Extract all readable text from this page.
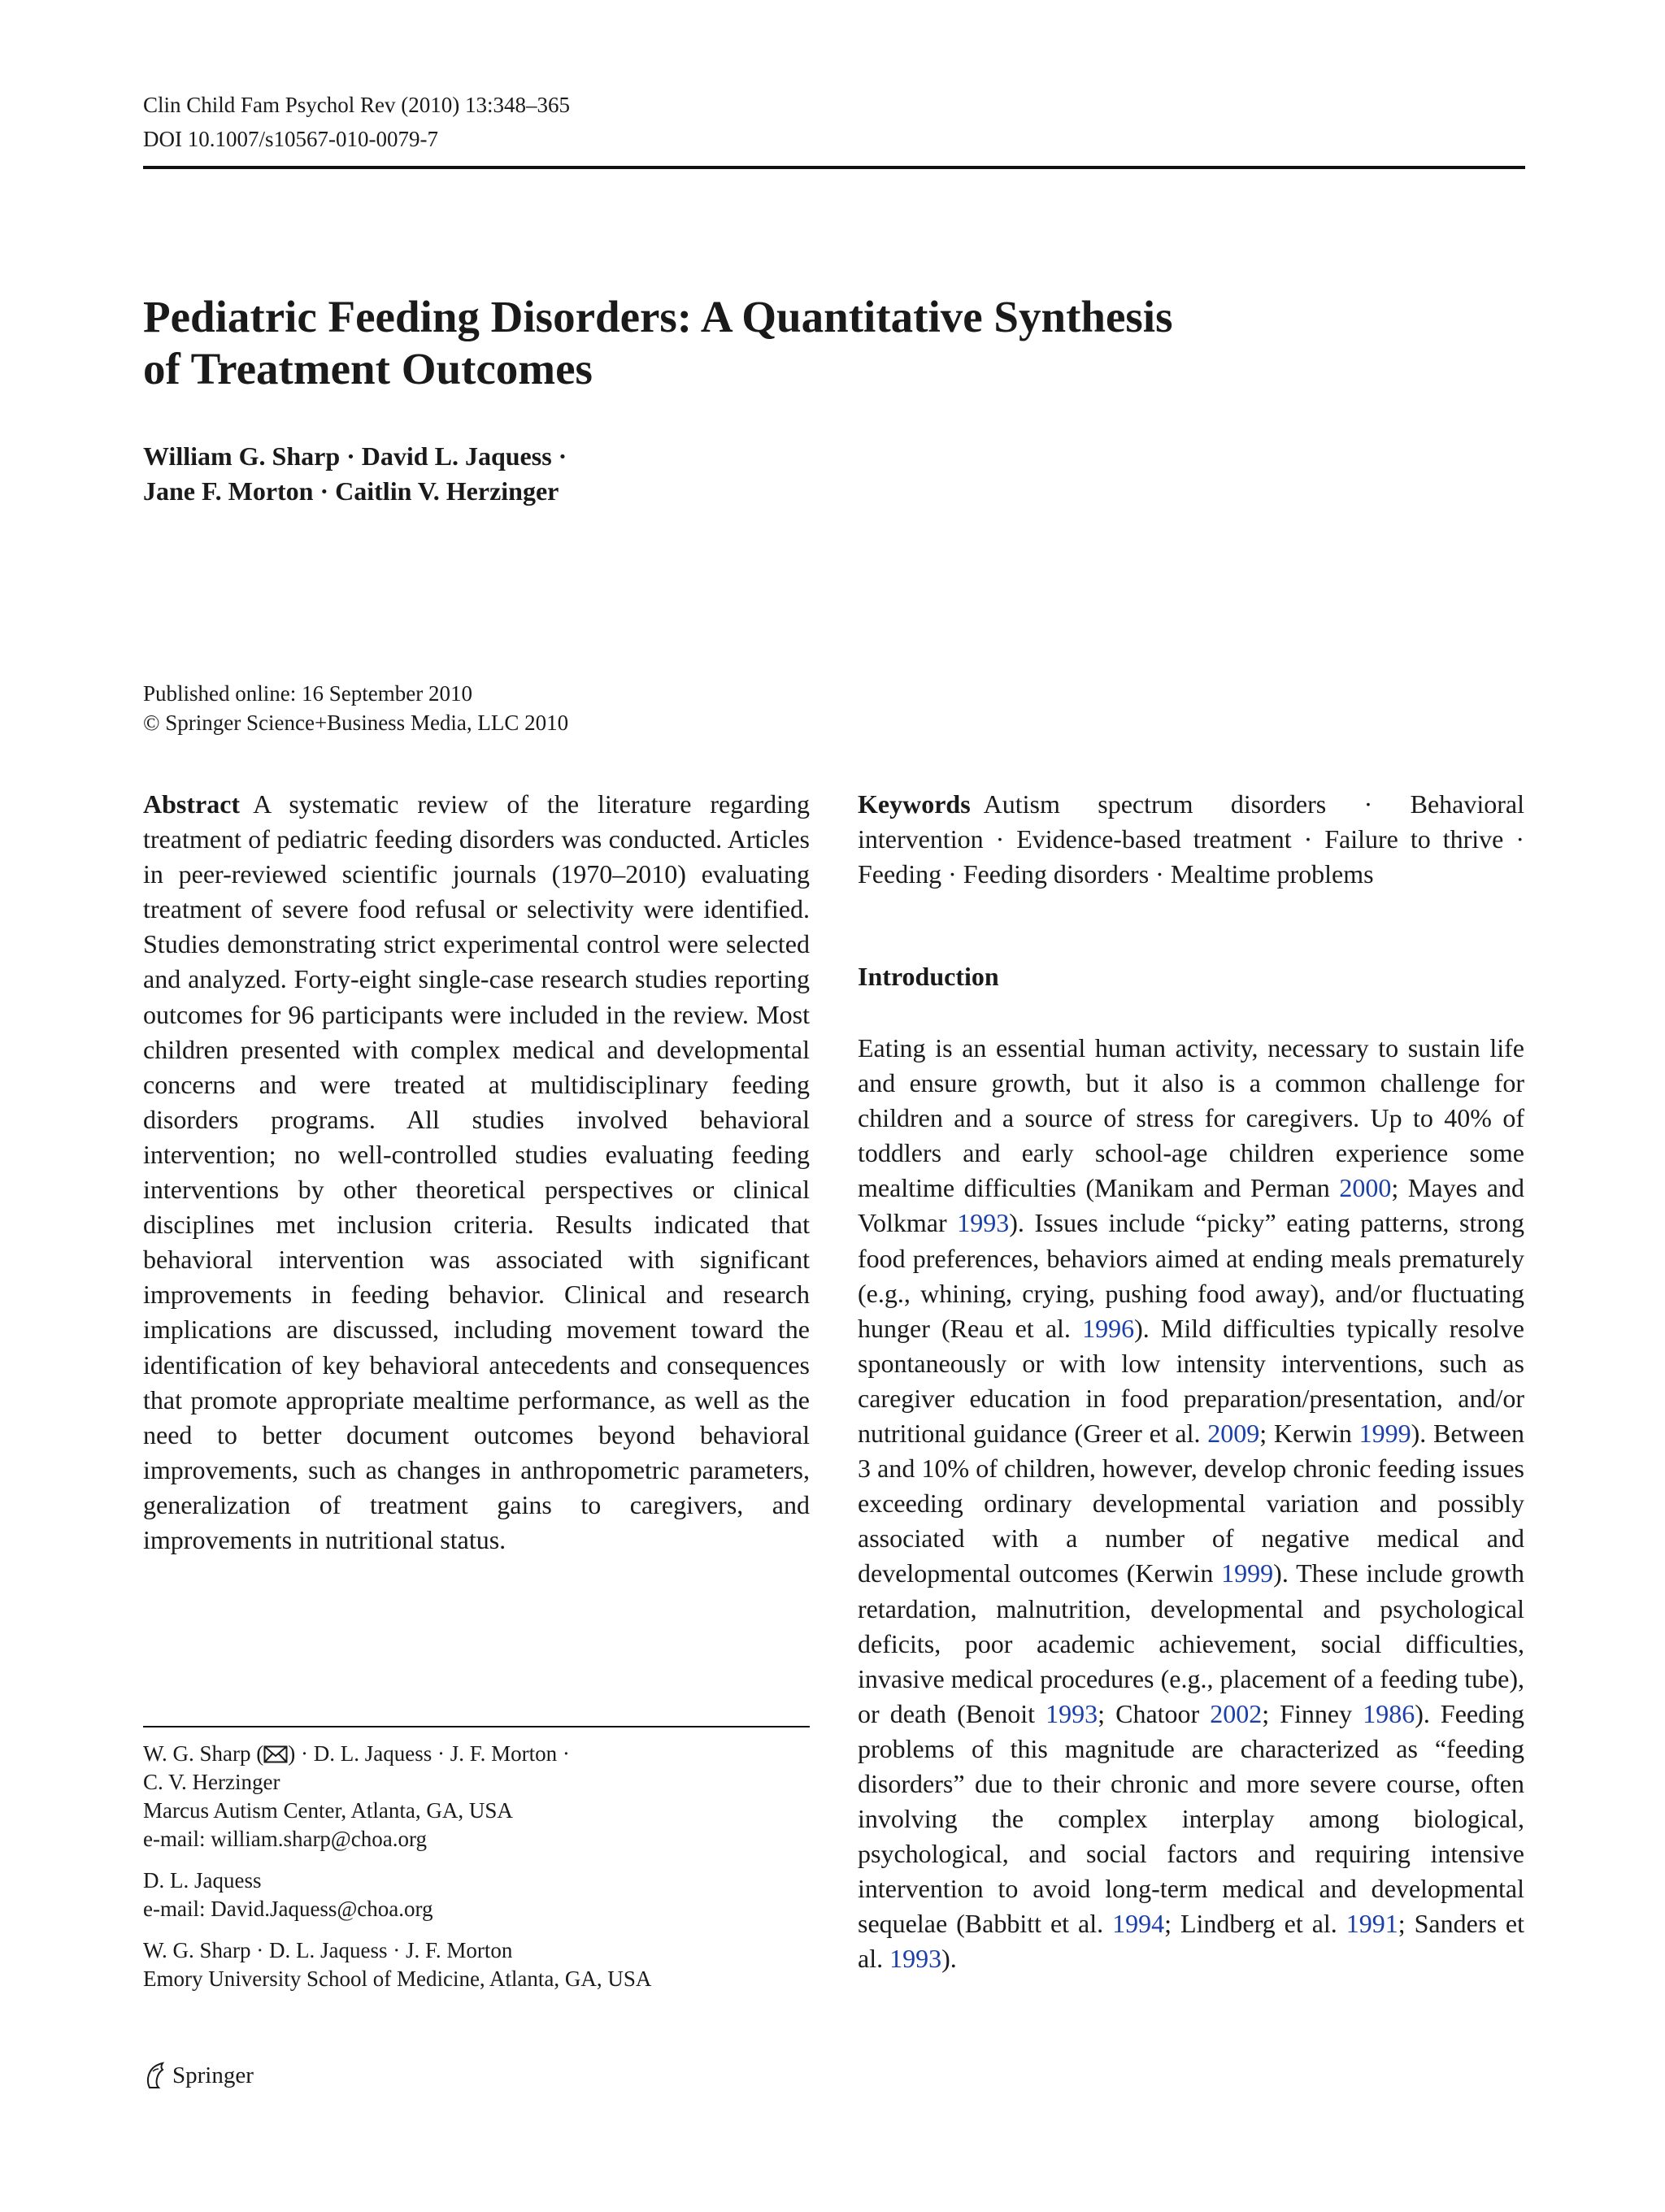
Clin Child Fam Psychol Rev (2010) 13:348–365
DOI 10.1007/s10567-010-0079-7
Pediatric Feeding Disorders: A Quantitative Synthesis
of Treatment Outcomes
William G. Sharp · David L. Jaquess ·
Jane F. Morton · Caitlin V. Herzinger
Published online: 16 September 2010
© Springer Science+Business Media, LLC 2010
Abstract A systematic review of the literature regarding treatment of pediatric feeding disorders was conducted. Articles in peer-reviewed scientific journals (1970–2010) evaluating treatment of severe food refusal or selectivity were identified. Studies demonstrating strict experimental control were selected and analyzed. Forty-eight single-case research studies reporting outcomes for 96 participants were included in the review. Most children presented with complex medical and developmental concerns and were treated at multidisciplinary feeding disorders programs. All studies involved behavioral intervention; no well-controlled studies evaluating feeding interventions by other theoretical perspectives or clinical disciplines met inclusion criteria. Results indicated that behavioral intervention was associated with significant improvements in feeding behavior. Clinical and research implications are discussed, including movement toward the identification of key behavioral antecedents and consequences that promote appropriate mealtime performance, as well as the need to better document outcomes beyond behavioral improvements, such as changes in anthropometric parameters, generalization of treatment gains to caregivers, and improvements in nutritional status.
Keywords Autism spectrum disorders · Behavioral intervention · Evidence-based treatment · Failure to thrive · Feeding · Feeding disorders · Mealtime problems
Introduction
Eating is an essential human activity, necessary to sustain life and ensure growth, but it also is a common challenge for children and a source of stress for caregivers. Up to 40% of toddlers and early school-age children experience some mealtime difficulties (Manikam and Perman 2000; Mayes and Volkmar 1993). Issues include “picky” eating patterns, strong food preferences, behaviors aimed at ending meals prematurely (e.g., whining, crying, pushing food away), and/or fluctuating hunger (Reau et al. 1996). Mild difficulties typically resolve spontaneously or with low intensity interventions, such as caregiver education in food preparation/presentation, and/or nutritional guidance (Greer et al. 2009; Kerwin 1999). Between 3 and 10% of children, however, develop chronic feeding issues exceeding ordinary developmental variation and possibly associated with a number of negative medical and developmental outcomes (Kerwin 1999). These include growth retardation, malnutrition, developmental and psychological deficits, poor academic achievement, social difficulties, invasive medical procedures (e.g., placement of a feeding tube), or death (Benoit 1993; Chatoor 2002; Finney 1986). Feeding problems of this magnitude are characterized as “feeding disorders” due to their chronic and more severe course, often involving the complex interplay among biological, psychological, and social factors and requiring intensive intervention to avoid long-term medical and developmental sequelae (Babbitt et al. 1994; Lindberg et al. 1991; Sanders et al. 1993).

W. G. Sharp ( ) · D. L. Jaquess · J. F. Morton ·
C. V. Herzinger
Marcus Autism Center, Atlanta, GA, USA
e-mail: william.sharp@choa.org

D. L. Jaquess
e-mail: David.Jaquess@choa.org

W. G. Sharp · D. L. Jaquess · J. F. Morton
Emory University School of Medicine, Atlanta, GA, USA

Springer
